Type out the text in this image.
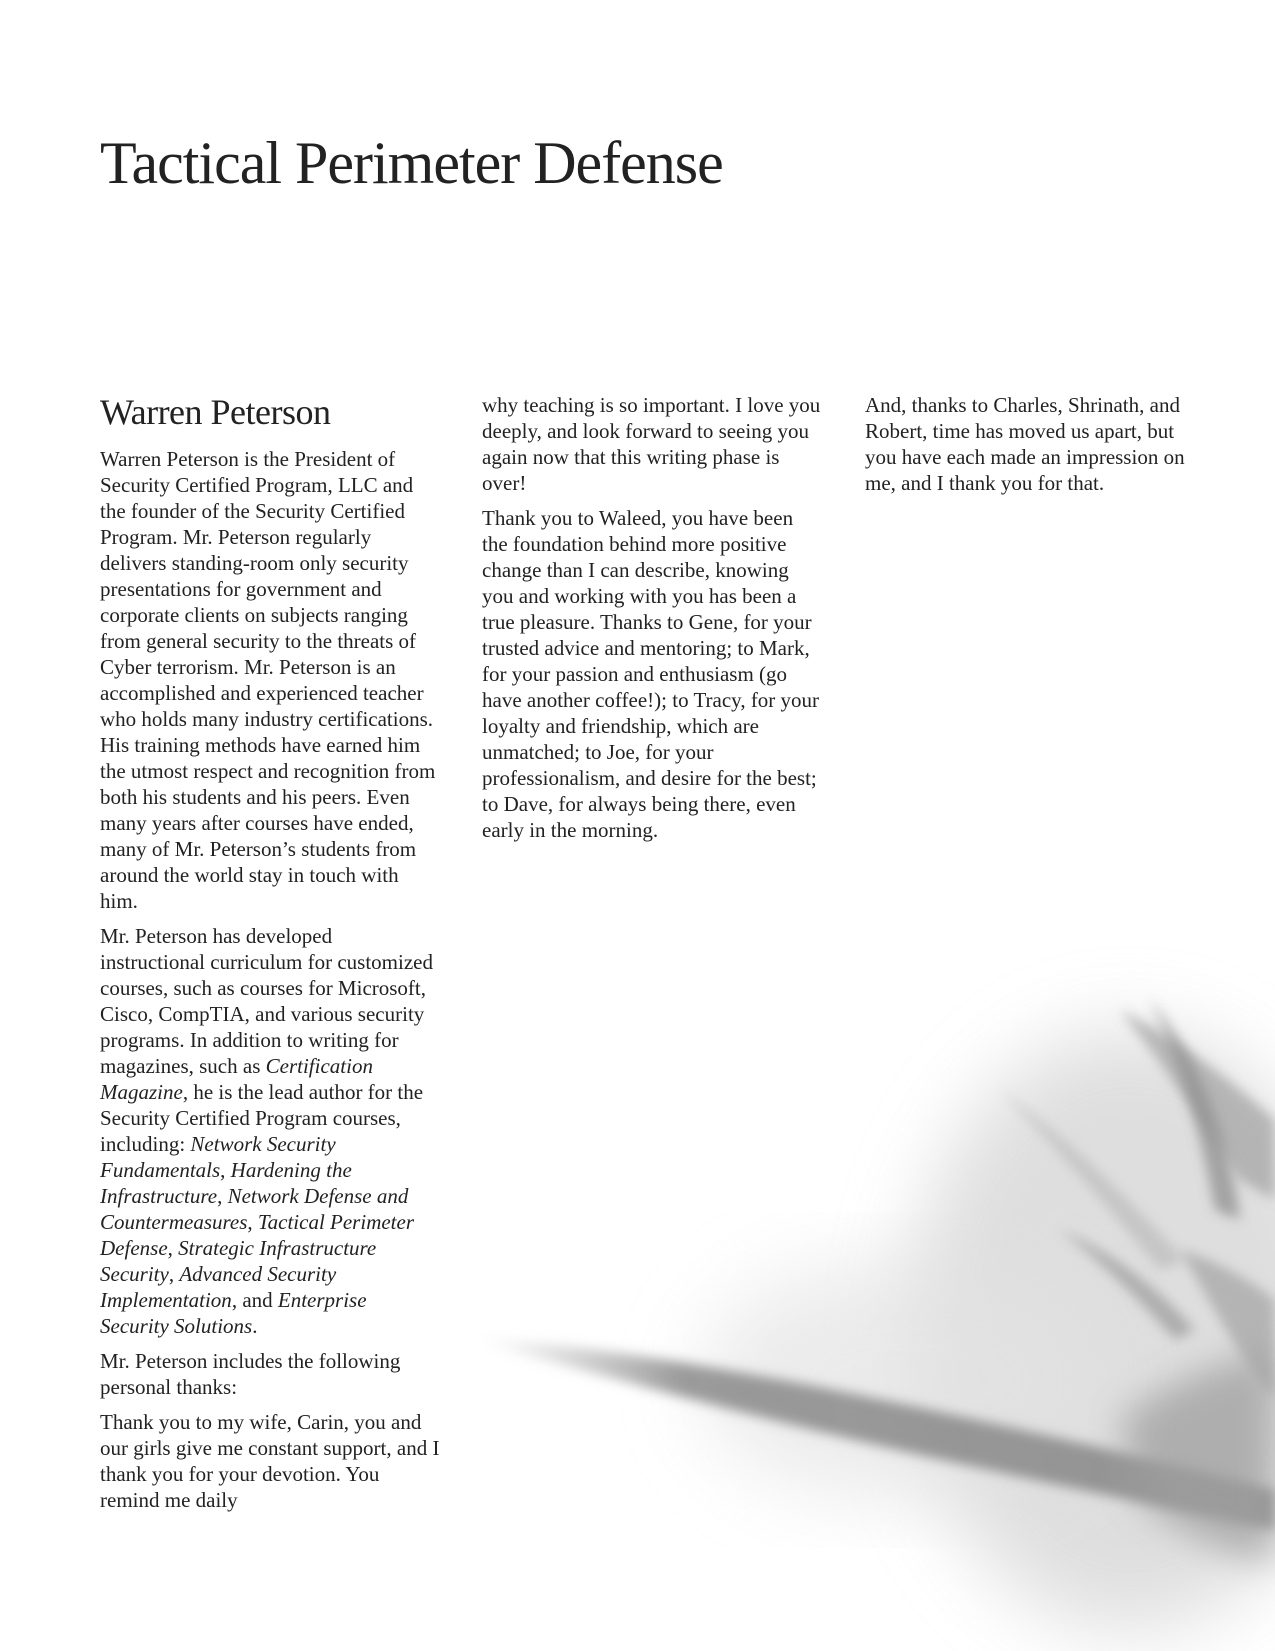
Tactical Perimeter Defense
Warren Peterson

Warren Peterson is the President of Security Certified Program, LLC and the founder of the Security Certified Program. Mr. Peterson regularly delivers standing-room only security presentations for government and corporate clients on subjects ranging from general security to the threats of Cyber terrorism. Mr. Peterson is an accomplished and experienced teacher who holds many industry certifications. His training methods have earned him the utmost respect and recognition from both his students and his peers. Even many years after courses have ended, many of Mr. Peterson’s students from around the world stay in touch with him.

Mr. Peterson has developed instructional curriculum for customized courses, such as courses for Microsoft, Cisco, CompTIA, and various security programs. In addition to writing for magazines, such as Certification Magazine, he is the lead author for the Security Certified Program courses, including: Network Security Fundamentals, Hardening the Infrastructure, Network Defense and Countermeasures, Tactical Perimeter Defense, Strategic Infrastructure Security, Advanced Security Implementation, and Enterprise Security Solutions.

Mr. Peterson includes the following personal thanks:

Thank you to my wife, Carin, you and our girls give me constant support, and I thank you for your devotion. You remind me daily

why teaching is so important. I love you deeply, and look forward to seeing you again now that this writing phase is over!

Thank you to Waleed, you have been the foundation behind more positive change than I can describe, knowing you and working with you has been a true pleasure. Thanks to Gene, for your trusted advice and mentoring; to Mark, for your passion and enthusiasm (go have another coffee!); to Tracy, for your loyalty and friendship, which are unmatched; to Joe, for your professionalism, and desire for the best; to Dave, for always being there, even early in the morning.

And, thanks to Charles, Shrinath, and Robert, time has moved us apart, but you have each made an impression on me, and I thank you for that.
